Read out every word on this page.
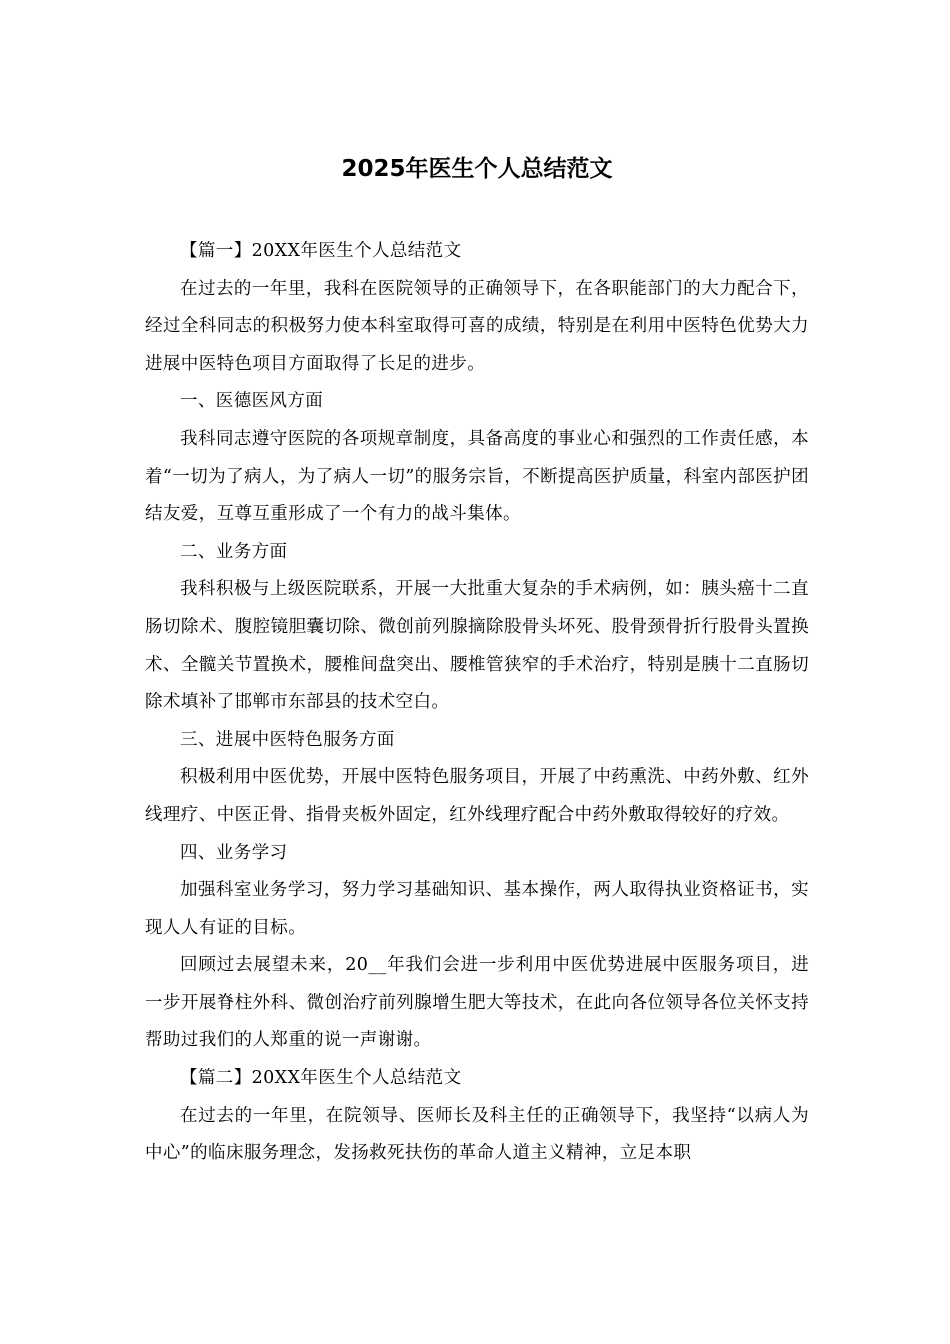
2025年医生个人总结范文

【篇一】20XX年医生个人总结范文

在过去的一年里，我科在医院领导的正确领导下，在各职能部门的大力配合下，经过全科同志的积极努力使本科室取得可喜的成绩，特别是在利用中医特色优势大力进展中医特色项目方面取得了长足的进步。

一、医德医风方面

我科同志遵守医院的各项规章制度，具备高度的事业心和强烈的工作责任感，本着“一切为了病人，为了病人一切”的服务宗旨，不断提高医护质量，科室内部医护团结友爱，互尊互重形成了一个有力的战斗集体。

二、业务方面

我科积极与上级医院联系，开展一大批重大复杂的手术病例，如：胰头癌十二直肠切除术、腹腔镜胆囊切除、微创前列腺摘除股骨头坏死、股骨颈骨折行股骨头置换术、全髋关节置换术，腰椎间盘突出、腰椎管狭窄的手术治疗，特别是胰十二直肠切除术填补了邯郸市东部县的技术空白。

三、进展中医特色服务方面

积极利用中医优势，开展中医特色服务项目，开展了中药熏洗、中药外敷、红外线理疗、中医正骨、指骨夹板外固定，红外线理疗配合中药外敷取得较好的疗效。

四、业务学习

加强科室业务学习，努力学习基础知识、基本操作，两人取得执业资格证书，实现人人有证的目标。

回顾过去展望未来，20__年我们会进一步利用中医优势进展中医服务项目，进一步开展脊柱外科、微创治疗前列腺增生肥大等技术，在此向各位领导各位关怀支持帮助过我们的人郑重的说一声谢谢。

【篇二】20XX年医生个人总结范文

在过去的一年里，在院领导、医师长及科主任的正确领导下，我坚持“以病人为中心”的临床服务理念，发扬救死扶伤的革命人道主义精神，立足本职
